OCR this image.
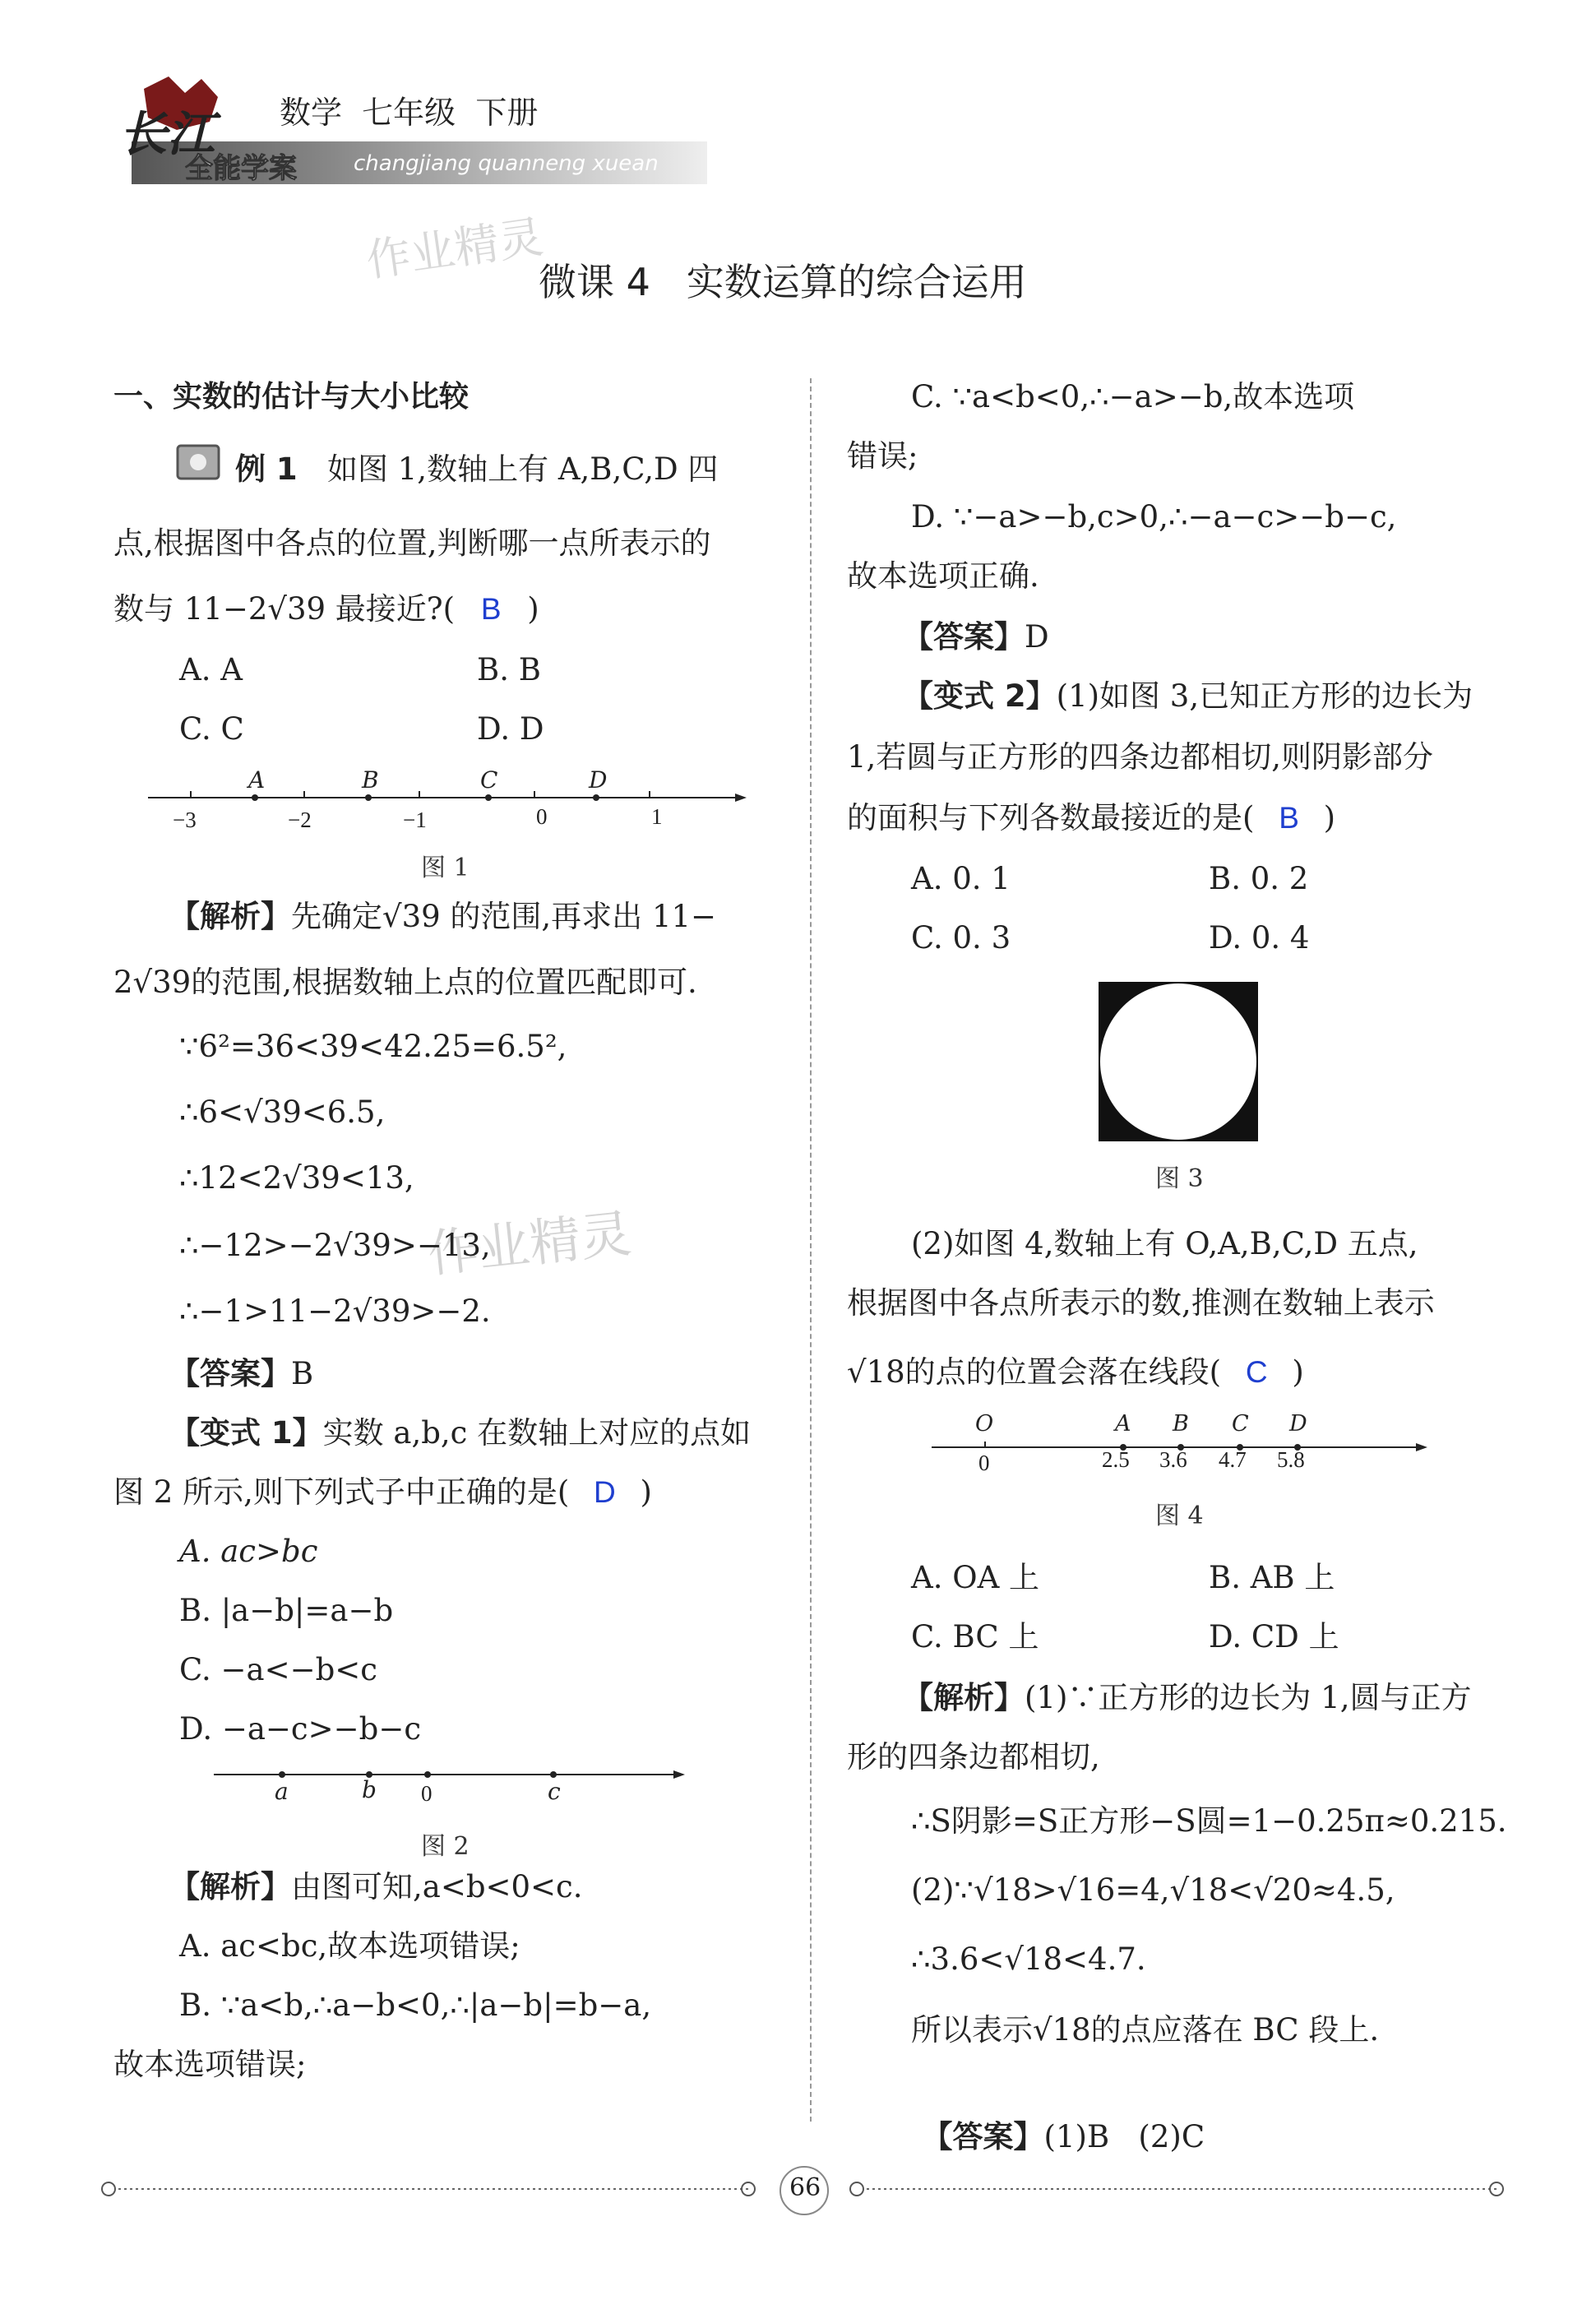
长江
全能学案
数学  七年级  下册
changjiang quanneng xuean
作业精灵
作业精灵
微课 4   实数运算的综合运用
一、实数的估计与大小比较
例 1 如图 1,数轴上有 A,B,C,D 四
点,根据图中各点的位置,判断哪一点所表示的
数与 11−2√39 最接近?( B )
A. A	B. B
C. C	D. D
A	B	C	D
−3	−2	−1	0	1
图 1
【解析】先确定√39 的范围,再求出 11−
2√39的范围,根据数轴上点的位置匹配即可.
∵6²=36<39<42.25=6.5²,
∴6<√39<6.5,
∴12<2√39<13,
∴−12>−2√39>−13,
∴−1>11−2√39>−2.
【答案】B
【变式 1】实数 a,b,c 在数轴上对应的点如
图 2 所示,则下列式子中正确的是( D )
A. ac>bc
B. |a−b|=a−b
C. −a<−b<c
D. −a−c>−b−c
a	b 0	c
图 2
【解析】由图可知,a<b<0<c.
A. ac<bc,故本选项错误;
B. ∵a<b,∴a−b<0,∴|a−b|=b−a,
故本选项错误;
C. ∵a<b<0,∴−a>−b,故本选项
错误;
D. ∵−a>−b,c>0,∴−a−c>−b−c,
故本选项正确.
【答案】D
【变式 2】(1)如图 3,已知正方形的边长为
1,若圆与正方形的四条边都相切,则阴影部分
的面积与下列各数最接近的是( B )
A. 0. 1	B. 0. 2
C. 0. 3	D. 0. 4
图 3
(2)如图 4,数轴上有 O,A,B,C,D 五点,
根据图中各点所表示的数,推测在数轴上表示
√18的点的位置会落在线段( C )
O	A B C D
0	2.5 3.6 4.7 5.8
图 4
A. OA 上	B. AB 上
C. BC 上	D. CD 上
【解析】(1)∵正方形的边长为 1,圆与正方
形的四条边都相切,
∴S阴影=S正方形−S圆=1−0.25π≈0.215.
(2)∵√18>√16=4,√18<√20≈4.5,
∴3.6<√18<4.7.
所以表示√18的点应落在 BC 段上.

【答案】(1)B   (2)C

66
